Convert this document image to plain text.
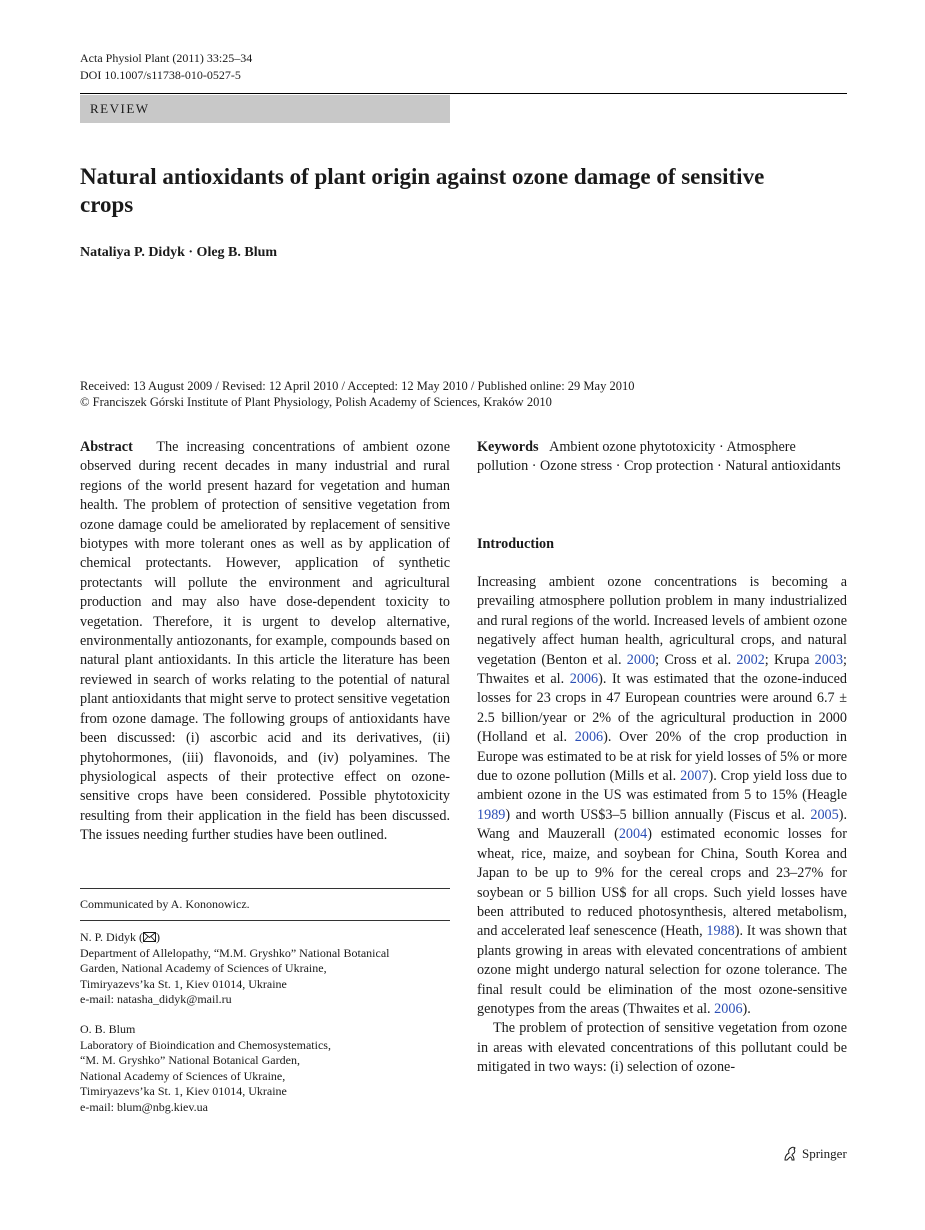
Acta Physiol Plant (2011) 33:25–34
DOI 10.1007/s11738-010-0527-5
REVIEW
Natural antioxidants of plant origin against ozone damage of sensitive crops
Nataliya P. Didyk · Oleg B. Blum
Received: 13 August 2009 / Revised: 12 April 2010 / Accepted: 12 May 2010 / Published online: 29 May 2010
© Franciszek Górski Institute of Plant Physiology, Polish Academy of Sciences, Kraków 2010
Abstract The increasing concentrations of ambient ozone observed during recent decades in many industrial and rural regions of the world present hazard for vegetation and human health. The problem of protection of sensitive vegetation from ozone damage could be ameliorated by replacement of sensitive biotypes with more tolerant ones as well as by application of chemical protectants. However, application of synthetic protectants will pollute the environment and agricultural production and may also have dose-dependent toxicity to vegetation. Therefore, it is urgent to develop alternative, environmentally antiozonants, for example, compounds based on natural plant antioxidants. In this article the literature has been reviewed in search of works relating to the potential of natural plant antioxidants that might serve to protect sensitive vegetation from ozone damage. The following groups of antioxidants have been discussed: (i) ascorbic acid and its derivatives, (ii) phytohormones, (iii) flavonoids, and (iv) polyamines. The physiological aspects of their protective effect on ozone-sensitive crops have been considered. Possible phytotoxicity resulting from their application in the field has been discussed. The issues needing further studies have been outlined.
Keywords Ambient ozone phytotoxicity · Atmosphere pollution · Ozone stress · Crop protection · Natural antioxidants
Introduction

Increasing ambient ozone concentrations is becoming a prevailing atmosphere pollution problem in many industrialized and rural regions of the world. Increased levels of ambient ozone negatively affect human health, agricultural crops, and natural vegetation (Benton et al. 2000; Cross et al. 2002; Krupa 2003; Thwaites et al. 2006). It was estimated that the ozone-induced losses for 23 crops in 47 European countries were around 6.7 ± 2.5 billion/year or 2% of the agricultural production in 2000 (Holland et al. 2006). Over 20% of the crop production in Europe was estimated to be at risk for yield losses of 5% or more due to ozone pollution (Mills et al. 2007). Crop yield loss due to ambient ozone in the US was estimated from 5 to 15% (Heagle 1989) and worth US$3–5 billion annually (Fiscus et al. 2005). Wang and Mauzerall (2004) estimated economic losses for wheat, rice, maize, and soybean for China, South Korea and Japan to be up to 9% for the cereal crops and 23–27% for soybean or 5 billion US$ for all crops. Such yield losses have been attributed to reduced photosynthesis, altered metabolism, and accelerated leaf senescence (Heath, 1988). It was shown that plants growing in areas with elevated concentrations of ambient ozone might undergo natural selection for ozone tolerance. The final result could be elimination of the most ozone-sensitive genotypes from the areas (Thwaites et al. 2006).

The problem of protection of sensitive vegetation from ozone in areas with elevated concentrations of this pollutant could be mitigated in two ways: (i) selection of ozone-

Communicated by A. Kononowicz.
N. P. Didyk ( )
Department of Allelopathy, “M.M. Gryshko” National Botanical
Garden, National Academy of Sciences of Ukraine,
Timiryazevs’ka St. 1, Kiev 01014, Ukraine
e-mail: natasha_didyk@mail.ru
O. B. Blum
Laboratory of Bioindication and Chemosystematics,
“M. M. Gryshko” National Botanical Garden,
National Academy of Sciences of Ukraine,
Timiryazevs’ka St. 1, Kiev 01014, Ukraine
e-mail: blum@nbg.kiev.ua
Springer
